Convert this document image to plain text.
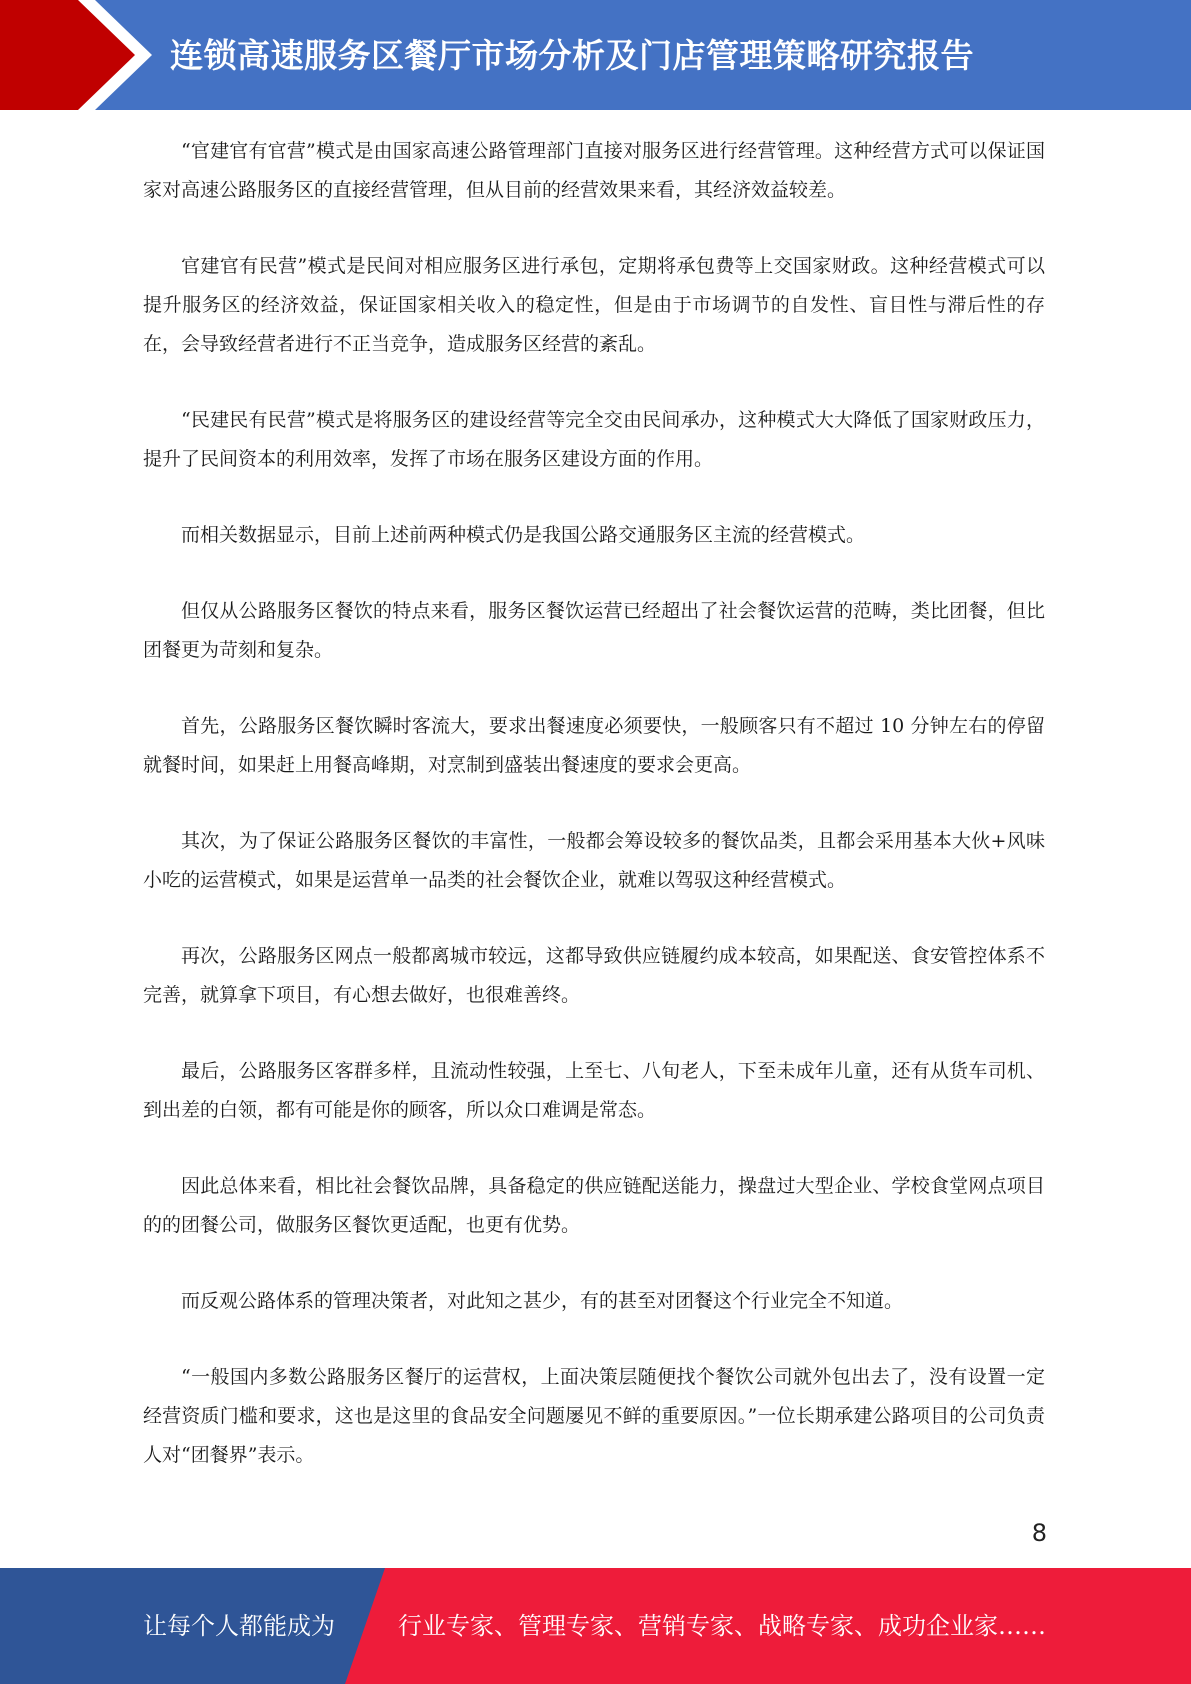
连锁高速服务区餐厅市场分析及门店管理策略研究报告

“官建官有官营”模式是由国家高速公路管理部门直接对服务区进行经营管理。这种经营方式可以保证国家对高速公路服务区的直接经营管理，但从目前的经营效果来看，其经济效益较差。

官建官有民营”模式是民间对相应服务区进行承包，定期将承包费等上交国家财政。这种经营模式可以提升服务区的经济效益，保证国家相关收入的稳定性，但是由于市场调节的自发性、盲目性与滞后性的存在，会导致经营者进行不正当竞争，造成服务区经营的紊乱。

“民建民有民营”模式是将服务区的建设经营等完全交由民间承办，这种模式大大降低了国家财政压力，提升了民间资本的利用效率，发挥了市场在服务区建设方面的作用。

而相关数据显示，目前上述前两种模式仍是我国公路交通服务区主流的经营模式。

但仅从公路服务区餐饮的特点来看，服务区餐饮运营已经超出了社会餐饮运营的范畴，类比团餐，但比团餐更为苛刻和复杂。

首先，公路服务区餐饮瞬时客流大，要求出餐速度必须要快，一般顾客只有不超过 10 分钟左右的停留就餐时间，如果赶上用餐高峰期，对烹制到盛装出餐速度的要求会更高。

其次，为了保证公路服务区餐饮的丰富性，一般都会筹设较多的餐饮品类，且都会采用基本大伙+风味小吃的运营模式，如果是运营单一品类的社会餐饮企业，就难以驾驭这种经营模式。

再次，公路服务区网点一般都离城市较远，这都导致供应链履约成本较高，如果配送、食安管控体系不完善，就算拿下项目，有心想去做好，也很难善终。

最后，公路服务区客群多样，且流动性较强，上至七、八旬老人，下至未成年儿童，还有从货车司机、到出差的白领，都有可能是你的顾客，所以众口难调是常态。

因此总体来看，相比社会餐饮品牌，具备稳定的供应链配送能力，操盘过大型企业、学校食堂网点项目的的团餐公司，做服务区餐饮更适配，也更有优势。

而反观公路体系的管理决策者，对此知之甚少，有的甚至对团餐这个行业完全不知道。

“一般国内多数公路服务区餐厅的运营权，上面决策层随便找个餐饮公司就外包出去了，没有设置一定经营资质门槛和要求，这也是这里的食品安全问题屡见不鲜的重要原因。”一位长期承建公路项目的公司负责人对“团餐界”表示。

8
让每个人都能成为	行业专家、管理专家、营销专家、战略专家、成功企业家……
